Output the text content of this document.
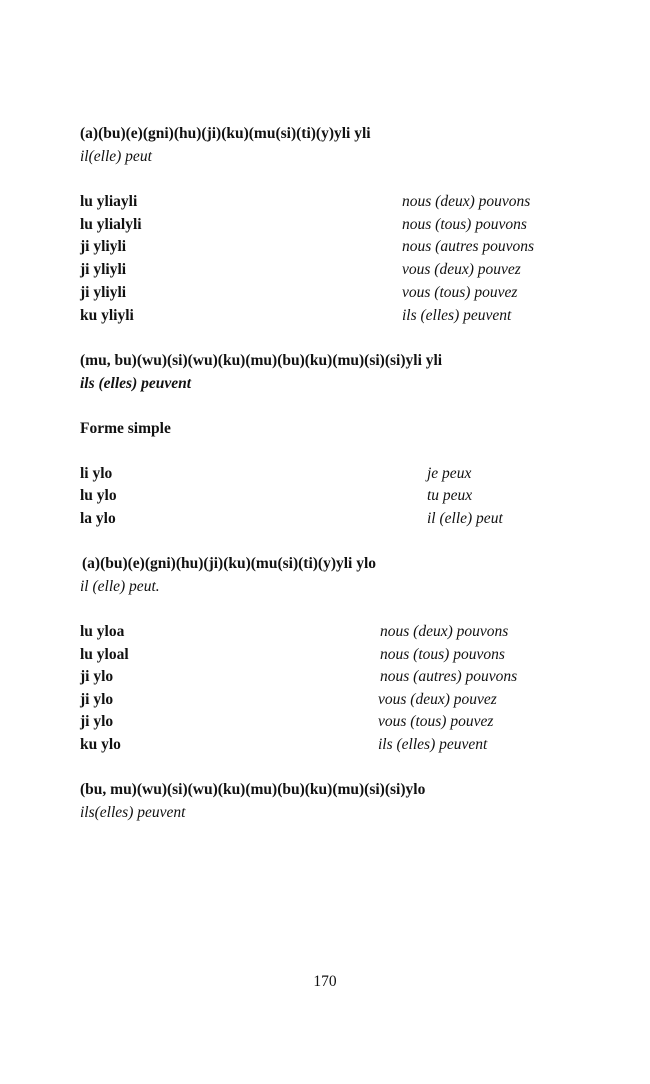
(a)(bu)(e)(gni)(hu)(ji)(ku)(mu(si)(ti)(y)yli yli
il(elle) peut
lu yliayli	nous (deux) pouvons
lu ylialyli	nous (tous) pouvons
ji yliyli	nous (autres pouvons
ji yliyli	vous (deux) pouvez
ji yliyli	vous (tous) pouvez
ku yliyli	ils (elles) peuvent
(mu, bu)(wu)(si)(wu)(ku)(mu)(bu)(ku)(mu)(si)(si)yli yli
ils (elles) peuvent
Forme simple
li ylo	je peux
lu ylo	tu peux
la ylo	il (elle) peut
(a)(bu)(e)(gni)(hu)(ji)(ku)(mu(si)(ti)(y)yli ylo
il (elle) peut.
lu yloa	nous (deux) pouvons
lu yloal	nous (tous) pouvons
ji ylo	nous (autres) pouvons
ji ylo	vous (deux) pouvez
ji ylo	vous (tous) pouvez
ku ylo	ils (elles) peuvent
(bu, mu)(wu)(si)(wu)(ku)(mu)(bu)(ku)(mu)(si)(si)ylo
ils(elles) peuvent
170
